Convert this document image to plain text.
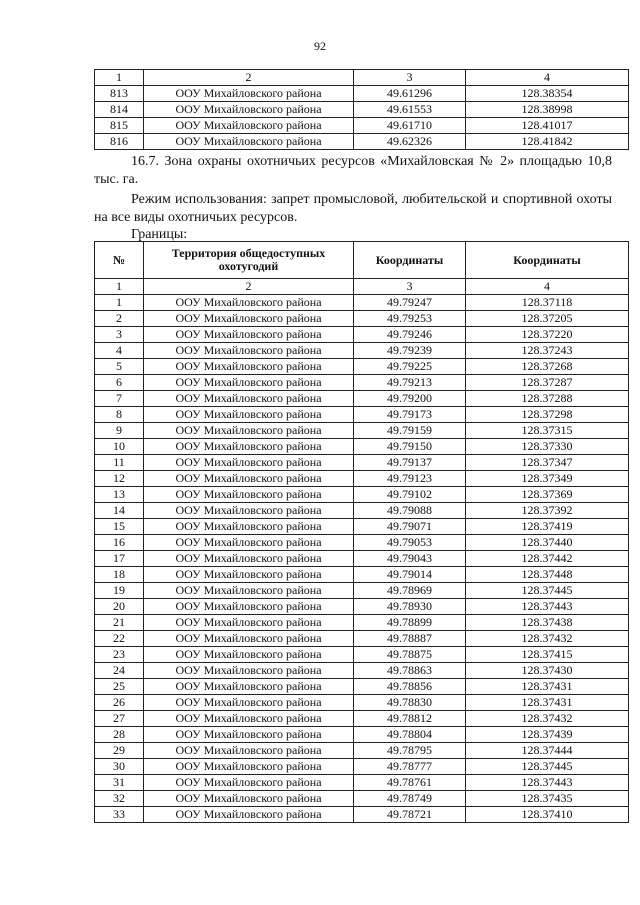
92
1	2	3	4
813	ООУ Михайловского района	49.61296	128.38354
814	ООУ Михайловского района	49.61553	128.38998
815	ООУ Михайловского района	49.61710	128.41017
816	ООУ Михайловского района	49.62326	128.41842
16.7. Зона охраны охотничьих ресурсов «Михайловская № 2» площадью 10,8 тыс. га.
Режим использования: запрет промысловой, любительской и спортивной охоты на все виды охотничьих ресурсов.
Границы:
№	Территория общедоступных охотугодий	Координаты	Координаты
1	2	3	4
1	ООУ Михайловского района	49.79247	128.37118
2	ООУ Михайловского района	49.79253	128.37205
3	ООУ Михайловского района	49.79246	128.37220
4	ООУ Михайловского района	49.79239	128.37243
5	ООУ Михайловского района	49.79225	128.37268
6	ООУ Михайловского района	49.79213	128.37287
7	ООУ Михайловского района	49.79200	128.37288
8	ООУ Михайловского района	49.79173	128.37298
9	ООУ Михайловского района	49.79159	128.37315
10	ООУ Михайловского района	49.79150	128.37330
11	ООУ Михайловского района	49.79137	128.37347
12	ООУ Михайловского района	49.79123	128.37349
13	ООУ Михайловского района	49.79102	128.37369
14	ООУ Михайловского района	49.79088	128.37392
15	ООУ Михайловского района	49.79071	128.37419
16	ООУ Михайловского района	49.79053	128.37440
17	ООУ Михайловского района	49.79043	128.37442
18	ООУ Михайловского района	49.79014	128.37448
19	ООУ Михайловского района	49.78969	128.37445
20	ООУ Михайловского района	49.78930	128.37443
21	ООУ Михайловского района	49.78899	128.37438
22	ООУ Михайловского района	49.78887	128.37432
23	ООУ Михайловского района	49.78875	128.37415
24	ООУ Михайловского района	49.78863	128.37430
25	ООУ Михайловского района	49.78856	128.37431
26	ООУ Михайловского района	49.78830	128.37431
27	ООУ Михайловского района	49.78812	128.37432
28	ООУ Михайловского района	49.78804	128.37439
29	ООУ Михайловского района	49.78795	128.37444
30	ООУ Михайловского района	49.78777	128.37445
31	ООУ Михайловского района	49.78761	128.37443
32	ООУ Михайловского района	49.78749	128.37435
33	ООУ Михайловского района	49.78721	128.37410
